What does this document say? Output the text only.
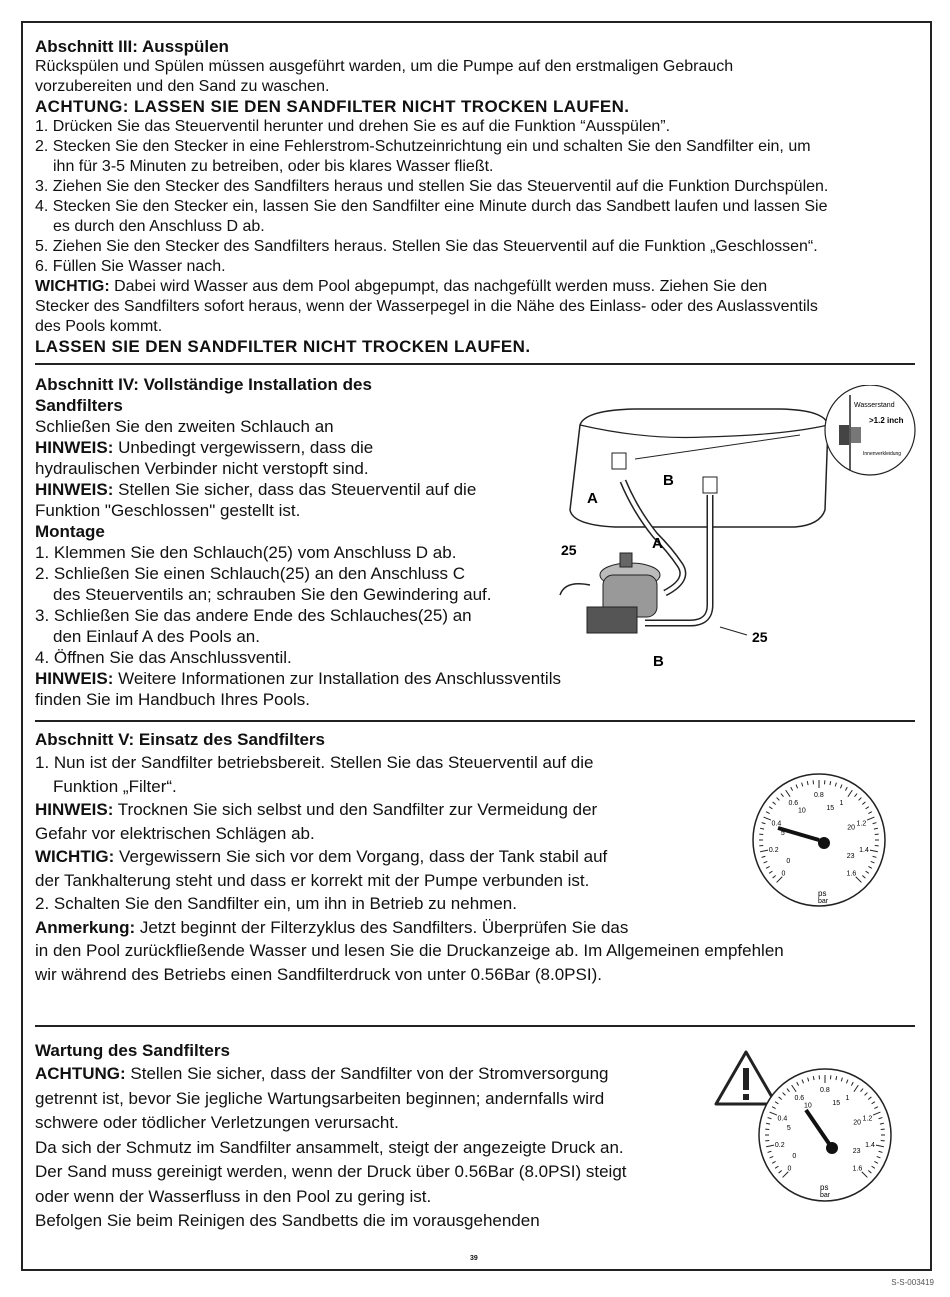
Abschnitt III: Ausspülen
Rückspülen und Spülen müssen ausgeführt warden, um die Pumpe auf den erstmaligen Gebrauch
vorzubereiten und den Sand zu waschen.
ACHTUNG: LASSEN SIE DEN SANDFILTER NICHT TROCKEN LAUFEN.
1. Drücken Sie das Steuerventil herunter und drehen Sie es auf die Funktion “Ausspülen”.
2. Stecken Sie den Stecker in eine Fehlerstrom-Schutzeinrichtung ein und schalten Sie den Sandfilter ein, um
ihn für 3-5 Minuten zu betreiben, oder bis klares Wasser fließt.
3. Ziehen Sie den Stecker des Sandfilters heraus und stellen Sie das Steuerventil auf die Funktion Durchspülen.
4. Stecken Sie den Stecker ein, lassen Sie den Sandfilter eine Minute durch das Sandbett laufen und lassen Sie
es durch den Anschluss D ab.
5. Ziehen Sie den Stecker des Sandfilters heraus. Stellen Sie das Steuerventil auf die Funktion „Geschlossen“.
6. Füllen Sie Wasser nach.
WICHTIG: Dabei wird Wasser aus dem Pool abgepumpt, das nachgefüllt werden muss. Ziehen Sie den
Stecker des Sandfilters sofort heraus, wenn der Wasserpegel in die Nähe des Einlass- oder des Auslassventils
des Pools kommt.
LASSEN SIE DEN SANDFILTER NICHT TROCKEN LAUFEN.
Abschnitt IV: Vollständige Installation des
Sandfilters
Schließen Sie den zweiten Schlauch an
HINWEIS: Unbedingt vergewissern, dass die
hydraulischen Verbinder nicht verstopft sind.
HINWEIS: Stellen Sie sicher, dass das Steuerventil auf die
Funktion "Geschlossen" gestellt ist.
Montage
1. Klemmen Sie den Schlauch(25) vom Anschluss D ab.
2. Schließen Sie einen Schlauch(25) an den Anschluss C
des Steuerventils an; schrauben Sie den Gewindering auf.
3. Schließen Sie das andere Ende des Schlauches(25) an
den Einlauf A des Pools an.
4. Öffnen Sie das Anschlussventil.
HINWEIS: Weitere Informationen zur Installation des Anschlussventils
finden Sie im Handbuch Ihres Pools.
A
B
A
B
25
25
Wasserstand
>1.2 inch
Innenverkleidung
Abschnitt V: Einsatz des Sandfilters
1. Nun ist der Sandfilter betriebsbereit. Stellen Sie das Steuerventil auf die
Funktion „Filter“.
HINWEIS: Trocknen Sie sich selbst und den Sandfilter zur Vermeidung der
Gefahr vor elektrischen Schlägen ab.
WICHTIG: Vergewissern Sie sich vor dem Vorgang, dass der Tank stabil auf
der Tankhalterung steht und dass er korrekt mit der Pumpe verbunden ist.
2. Schalten Sie den Sandfilter ein, um ihn in Betrieb zu nehmen.
Anmerkung: Jetzt beginnt der Filterzyklus des Sandfilters. Überprüfen Sie das
in den Pool zurückfließende Wasser und lesen Sie die Druckanzeige ab. Im Allgemeinen empfehlen
wir während des Betriebs einen Sandfilterdruck von unter 0.56Bar (8.0PSI).
0
0.2
0.4
0.6
0.8
1
1.2
1.4
1.6
0
5
10	15
20
23
ps
bar
Wartung des Sandfilters
ACHTUNG: Stellen Sie sicher, dass der Sandfilter von der Stromversorgung
getrennt ist, bevor Sie jegliche Wartungsarbeiten beginnen; andernfalls wird
schwere oder tödlicher Verletzungen verursacht.
Da sich der Schmutz im Sandfilter ansammelt, steigt der angezeigte Druck an.
Der Sand muss gereinigt werden, wenn der Druck über 0.56Bar (8.0PSI) steigt
oder wenn der Wasserfluss in den Pool zu gering ist.
Befolgen Sie beim Reinigen des Sandbetts die im vorausgehenden
0
0.2
0.4
0.6
0.8
1
1.2
1.4
1.6
0
5
10	15
20
23
ps
bar
39
S-S-003419
